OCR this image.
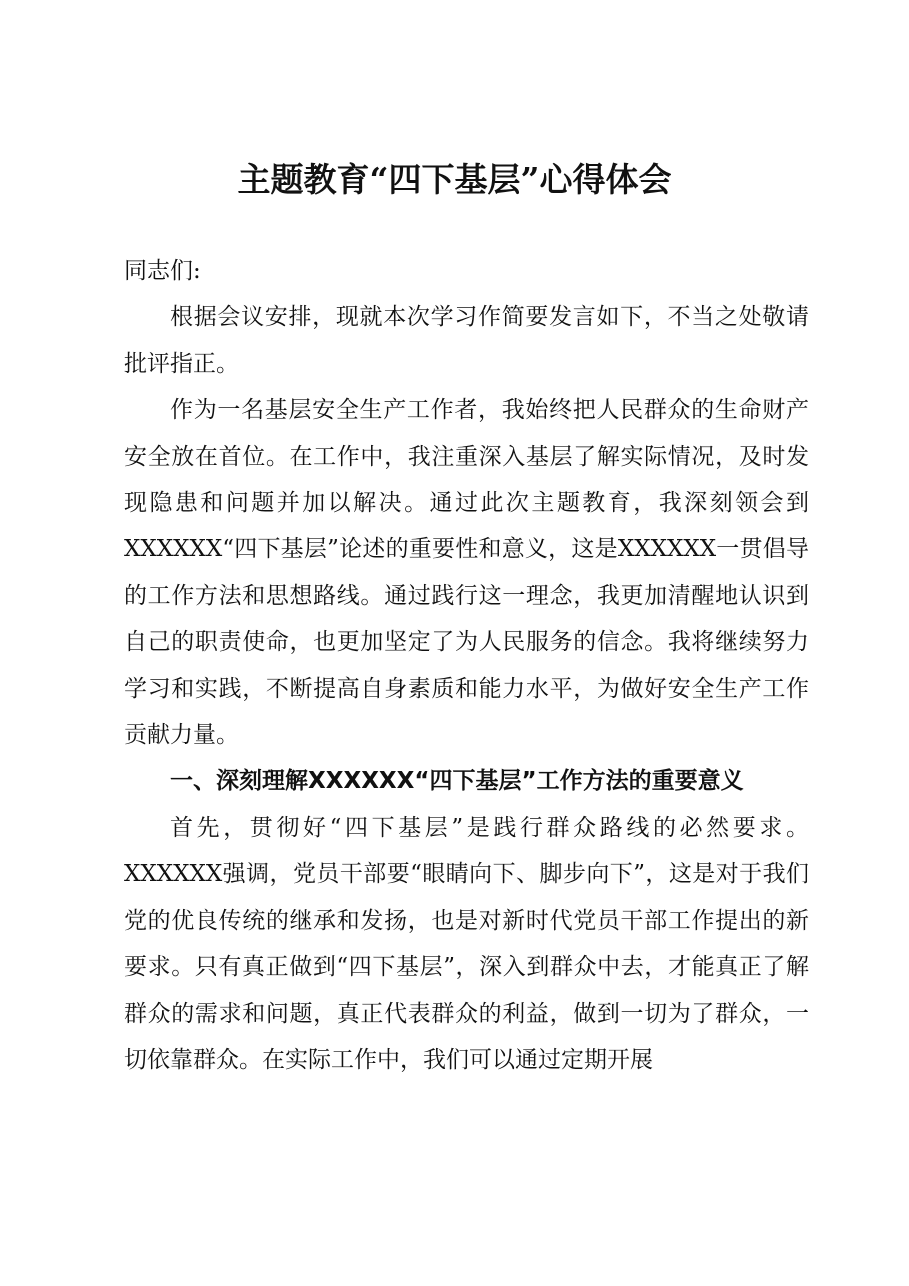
主题教育“四下基层”心得体会

同志们:

根据会议安排，现就本次学习作简要发言如下，不当之处敬请批评指正。

作为一名基层安全生产工作者，我始终把人民群众的生命财产安全放在首位。在工作中，我注重深入基层了解实际情况，及时发现隐患和问题并加以解决。通过此次主题教育，我深刻领会到XXXXXX“四下基层”论述的重要性和意义，这是XXXXXX一贯倡导的工作方法和思想路线。通过践行这一理念，我更加清醒地认识到自己的职责使命，也更加坚定了为人民服务的信念。我将继续努力学习和实践，不断提高自身素质和能力水平，为做好安全生产工作贡献力量。

一、深刻理解XXXXXX“四下基层”工作方法的重要意义

首先，贯彻好“四下基层”是践行群众路线的必然要求。XXXXXX强调，党员干部要“眼睛向下、脚步向下”，这是对于我们党的优良传统的继承和发扬，也是对新时代党员干部工作提出的新要求。只有真正做到“四下基层”，深入到群众中去，才能真正了解群众的需求和问题，真正代表群众的利益，做到一切为了群众，一切依靠群众。在实际工作中，我们可以通过定期开展
